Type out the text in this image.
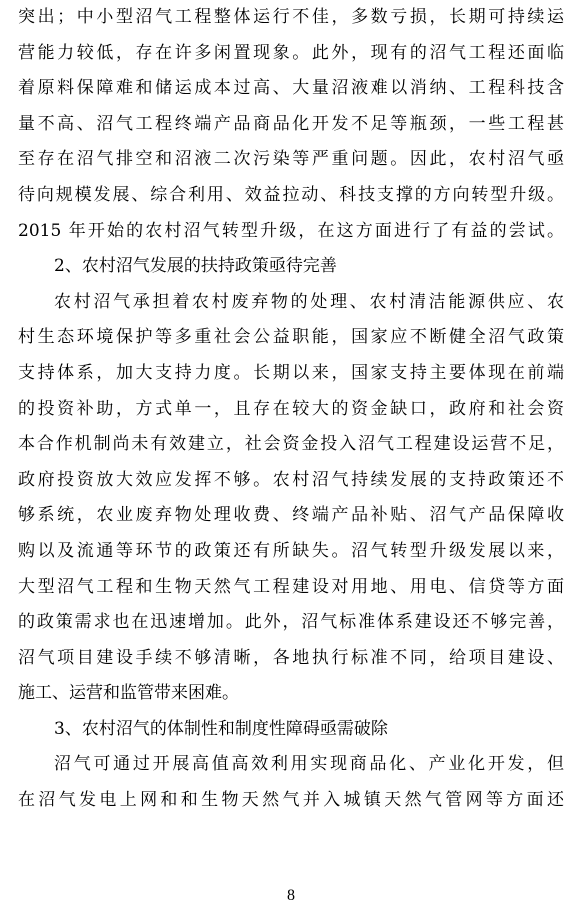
突出；中小型沼气工程整体运行不佳，多数亏损，长期可持续运
营能力较低，存在许多闲置现象。此外，现有的沼气工程还面临
着原料保障难和储运成本过高、大量沼液难以消纳、工程科技含
量不高、沼气工程终端产品商品化开发不足等瓶颈，一些工程甚
至存在沼气排空和沼液二次污染等严重问题。因此，农村沼气亟
待向规模发展、综合利用、效益拉动、科技支撑的方向转型升级。
2015 年开始的农村沼气转型升级，在这方面进行了有益的尝试。
2、农村沼气发展的扶持政策亟待完善
农村沼气承担着农村废弃物的处理、农村清洁能源供应、农
村生态环境保护等多重社会公益职能，国家应不断健全沼气政策
支持体系，加大支持力度。长期以来，国家支持主要体现在前端
的投资补助，方式单一，且存在较大的资金缺口，政府和社会资
本合作机制尚未有效建立，社会资金投入沼气工程建设运营不足，
政府投资放大效应发挥不够。农村沼气持续发展的支持政策还不
够系统，农业废弃物处理收费、终端产品补贴、沼气产品保障收
购以及流通等环节的政策还有所缺失。沼气转型升级发展以来，
大型沼气工程和生物天然气工程建设对用地、用电、信贷等方面
的政策需求也在迅速增加。此外，沼气标准体系建设还不够完善，
沼气项目建设手续不够清晰，各地执行标准不同，给项目建设、
施工、运营和监管带来困难。
3、农村沼气的体制性和制度性障碍亟需破除
沼气可通过开展高值高效利用实现商品化、产业化开发，但
在沼气发电上网和和生物天然气并入城镇天然气管网等方面还
8
